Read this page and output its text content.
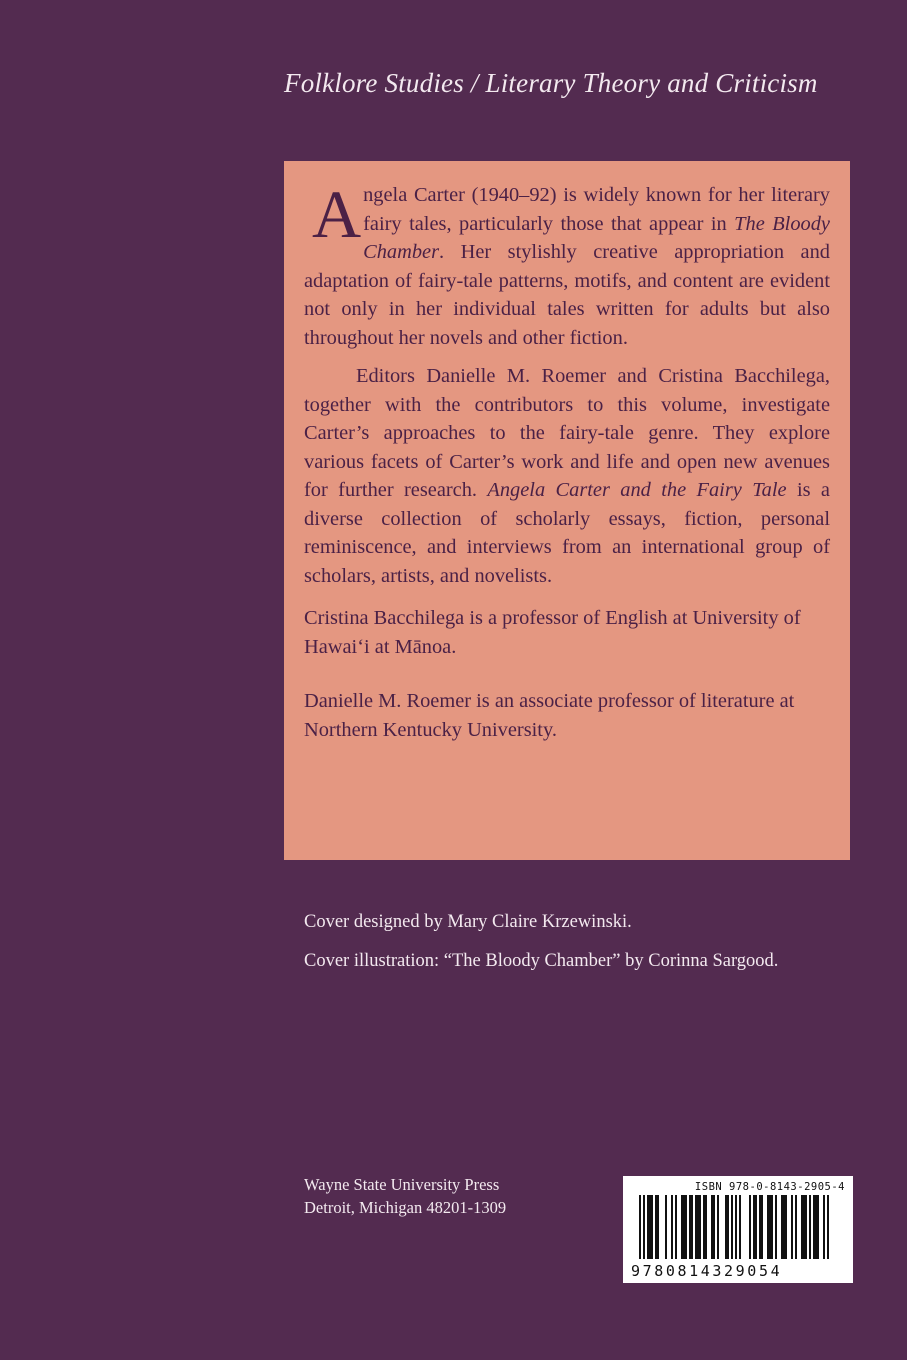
Folklore Studies / Literary Theory and Criticism

Angela Carter (1940–92) is widely known for her literary fairy tales, particularly those that appear in The Bloody Chamber. Her stylishly creative appropriation and adaptation of fairy-tale patterns, motifs, and content are evident not only in her individual tales written for adults but also throughout her novels and other fiction.

Editors Danielle M. Roemer and Cristina Bacchilega, together with the contributors to this volume, investigate Carter’s approaches to the fairy-tale genre. They explore various facets of Carter’s work and life and open new avenues for further research. Angela Carter and the Fairy Tale is a diverse collection of scholarly essays, fiction, personal reminiscence, and interviews from an international group of scholars, artists, and novelists.

Cristina Bacchilega is a professor of English at University of Hawai‘i at Mānoa.

Danielle M. Roemer is an associate professor of literature at Northern Kentucky University.

Cover designed by Mary Claire Krzewinski.

Cover illustration: “The Bloody Chamber” by Corinna Sargood.

Wayne State University Press

Detroit, Michigan 48201-1309

ISBN 978-0-8143-2905-4
9780814329054
